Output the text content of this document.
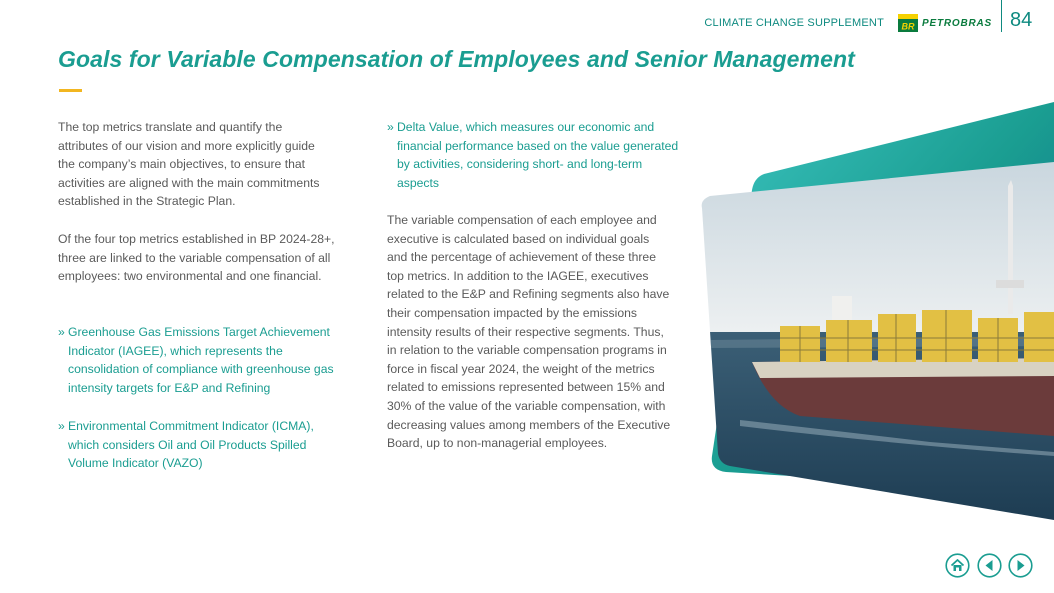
CLIMATE CHANGE SUPPLEMENT BR PETROBRAS 84
Goals for Variable Compensation of Employees and Senior Management

The top metrics translate and quantify the attributes of our vision and more explicitly guide the company’s main objectives, to ensure that activities are aligned with the main commitments established in the Strategic Plan.

Of the four top metrics established in BP 2024-28+, three are linked to the variable compensation of all employees: two environmental and one financial.

» Greenhouse Gas Emissions Target Achievement Indicator (IAGEE), which represents the consolidation of compliance with greenhouse gas intensity targets for E&P and Refining

» Environmental Commitment Indicator (ICMA), which considers Oil and Oil Products Spilled Volume Indicator (VAZO)

» Delta Value, which measures our economic and financial performance based on the value generated by activities, considering short- and long-term aspects

The variable compensation of each employee and executive is calculated based on individual goals and the percentage of achievement of these three top metrics. In addition to the IAGEE, executives related to the E&P and Refining segments also have their compensation impacted by the emissions intensity results of their respective segments. Thus, in relation to the variable compensation programs in force in fiscal year 2024, the weight of the metrics related to emissions represented between 15% and 30% of the value of the variable compensation, with decreasing values among members of the Executive Board, up to non-managerial employees.
